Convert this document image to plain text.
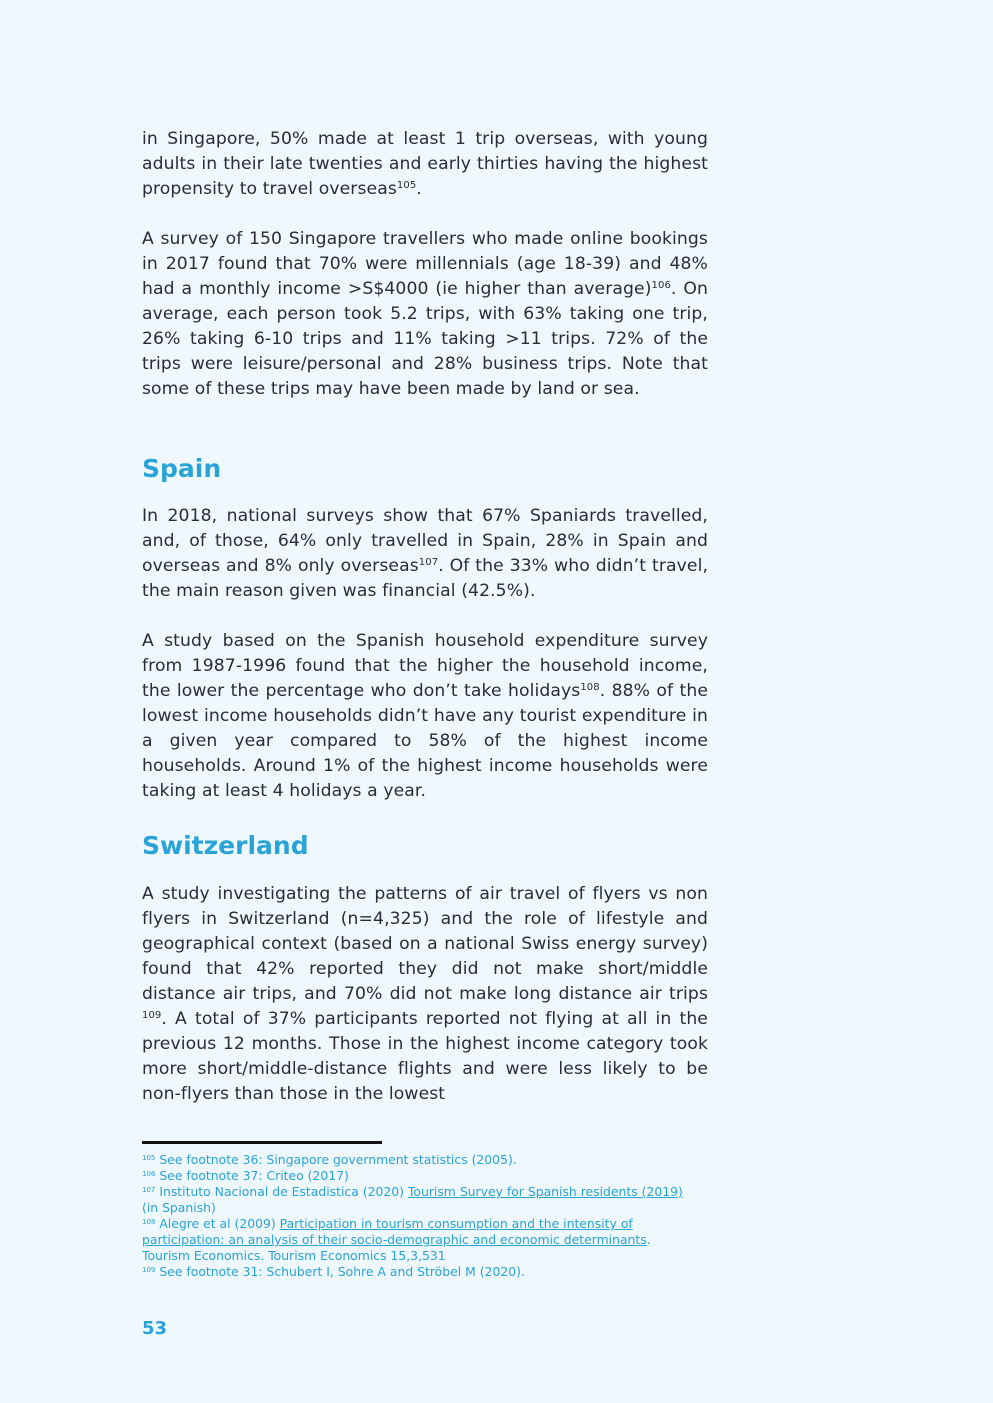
in Singapore, 50% made at least 1 trip overseas, with young adults in their late twenties and early thirties having the highest propensity to travel overseas$^{105}$.

A survey of 150 Singapore travellers who made online bookings in 2017 found that 70% were millennials (age 18-39) and 48% had a monthly income >S$4000 (ie higher than average)$^{106}$. On average, each person took 5.2 trips, with 63% taking one trip, 26% taking 6-10 trips and 11% taking >11 trips. 72% of the trips were leisure/personal and 28% business trips. Note that some of these trips may have been made by land or sea.

Spain

In 2018, national surveys show that 67% Spaniards travelled, and, of those, 64% only travelled in Spain, 28% in Spain and overseas and 8% only overseas$^{107}$. Of the 33% who didn’t travel, the main reason given was financial (42.5%).

A study based on the Spanish household expenditure survey from 1987-1996 found that the higher the household income, the lower the percentage who don’t take holidays$^{108}$. 88% of the lowest income households didn’t have any tourist expenditure in a given year compared to 58% of the highest income households. Around 1% of the highest income households were taking at least 4 holidays a year.

Switzerland

A study investigating the patterns of air travel of flyers vs non flyers in Switzerland (n=4,325) and the role of lifestyle and geographical context (based on a national Swiss energy survey) found that 42% reported they did not make short/middle distance air trips, and 70% did not make long distance air trips $^{109}$. A total of 37% participants reported not flying at all in the previous 12 months. Those in the highest income category took more short/middle-distance flights and were less likely to be non-flyers than those in the lowest

$^{105}$ See footnote 36: Singapore government statistics (2005).

$^{106}$ See footnote 37: Criteo (2017)

$^{107}$ Instituto Nacional de Estadistica (2020) Tourism Survey for Spanish residents (2019) (in Spanish)

$^{108}$ Alegre et al (2009) Participation in tourism consumption and the intensity of participation: an analysis of their socio-demographic and economic determinants. Tourism Economics. Tourism Economics 15,3,531

$^{109}$ See footnote 31: Schubert I, Sohre A and Ströbel M (2020).

53
